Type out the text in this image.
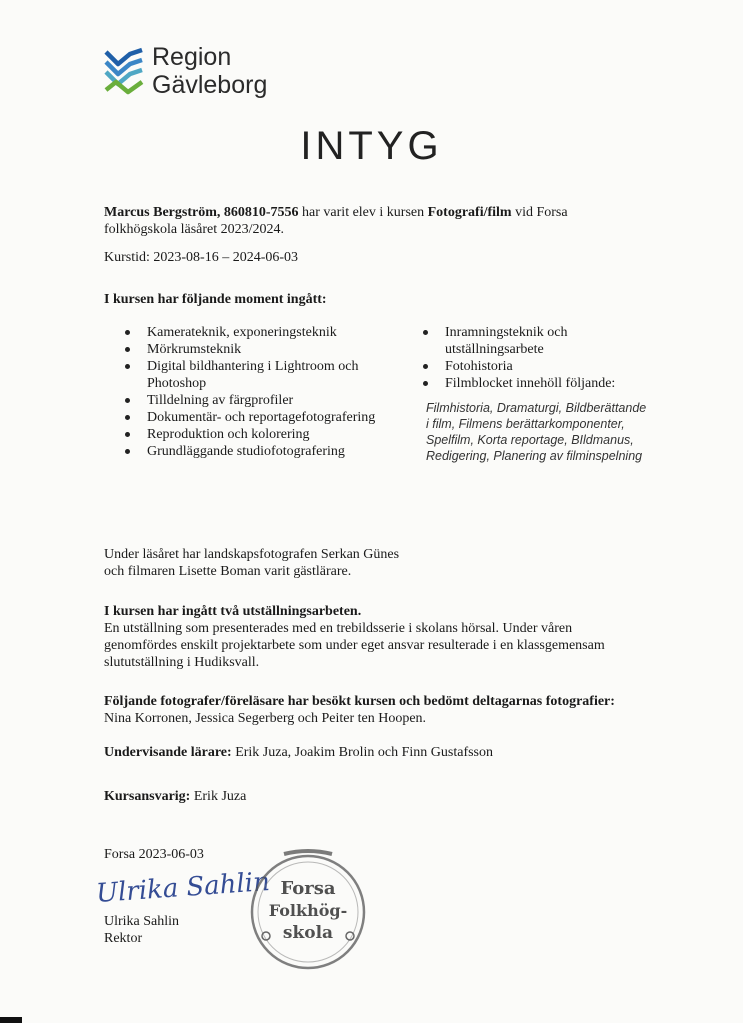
Region
Gävleborg
INTYG
Marcus Bergström, 860810-7556 har varit elev i kursen Fotografi/film vid Forsa folkhögskola läsåret 2023/2024.
Kurstid: 2023-08-16 – 2024-06-03
I kursen har följande moment ingått:
Kamerateknik, exponeringsteknik
Mörkrumsteknik
Digital bildhantering i Lightroom och Photoshop
Tilldelning av färgprofiler
Dokumentär- och reportagefotografering
Reproduktion och kolorering
Grundläggande studiofotografering
Inramningsteknik och utställningsarbete
Fotohistoria
Filmblocket innehöll följande:
Filmhistoria, Dramaturgi, Bildberättande i film, Filmens berättarkomponenter, Spelfilm, Korta reportage, BIldmanus, Redigering, Planering av filminspelning
Under läsåret har landskapsfotografen Serkan Günes och filmaren Lisette Boman varit gästlärare.
I kursen har ingått två utställningsarbeten.
En utställning som presenterades med en trebildsserie i skolans hörsal. Under våren genomfördes enskilt projektarbete som under eget ansvar resulterade i en klassgemensam slututställning i Hudiksvall.
Följande fotografer/föreläsare har besökt kursen och bedömt deltagarnas fotografier:
Nina Korronen, Jessica Segerberg och Peiter ten Hoopen.
Undervisande lärare: Erik Juza, Joakim Brolin och Finn Gustafsson
Kursansvarig: Erik Juza
Forsa 2023-06-03
Ulrika Sahlin
Ulrika Sahlin
Rektor
Forsa
Folkhög-
skola
